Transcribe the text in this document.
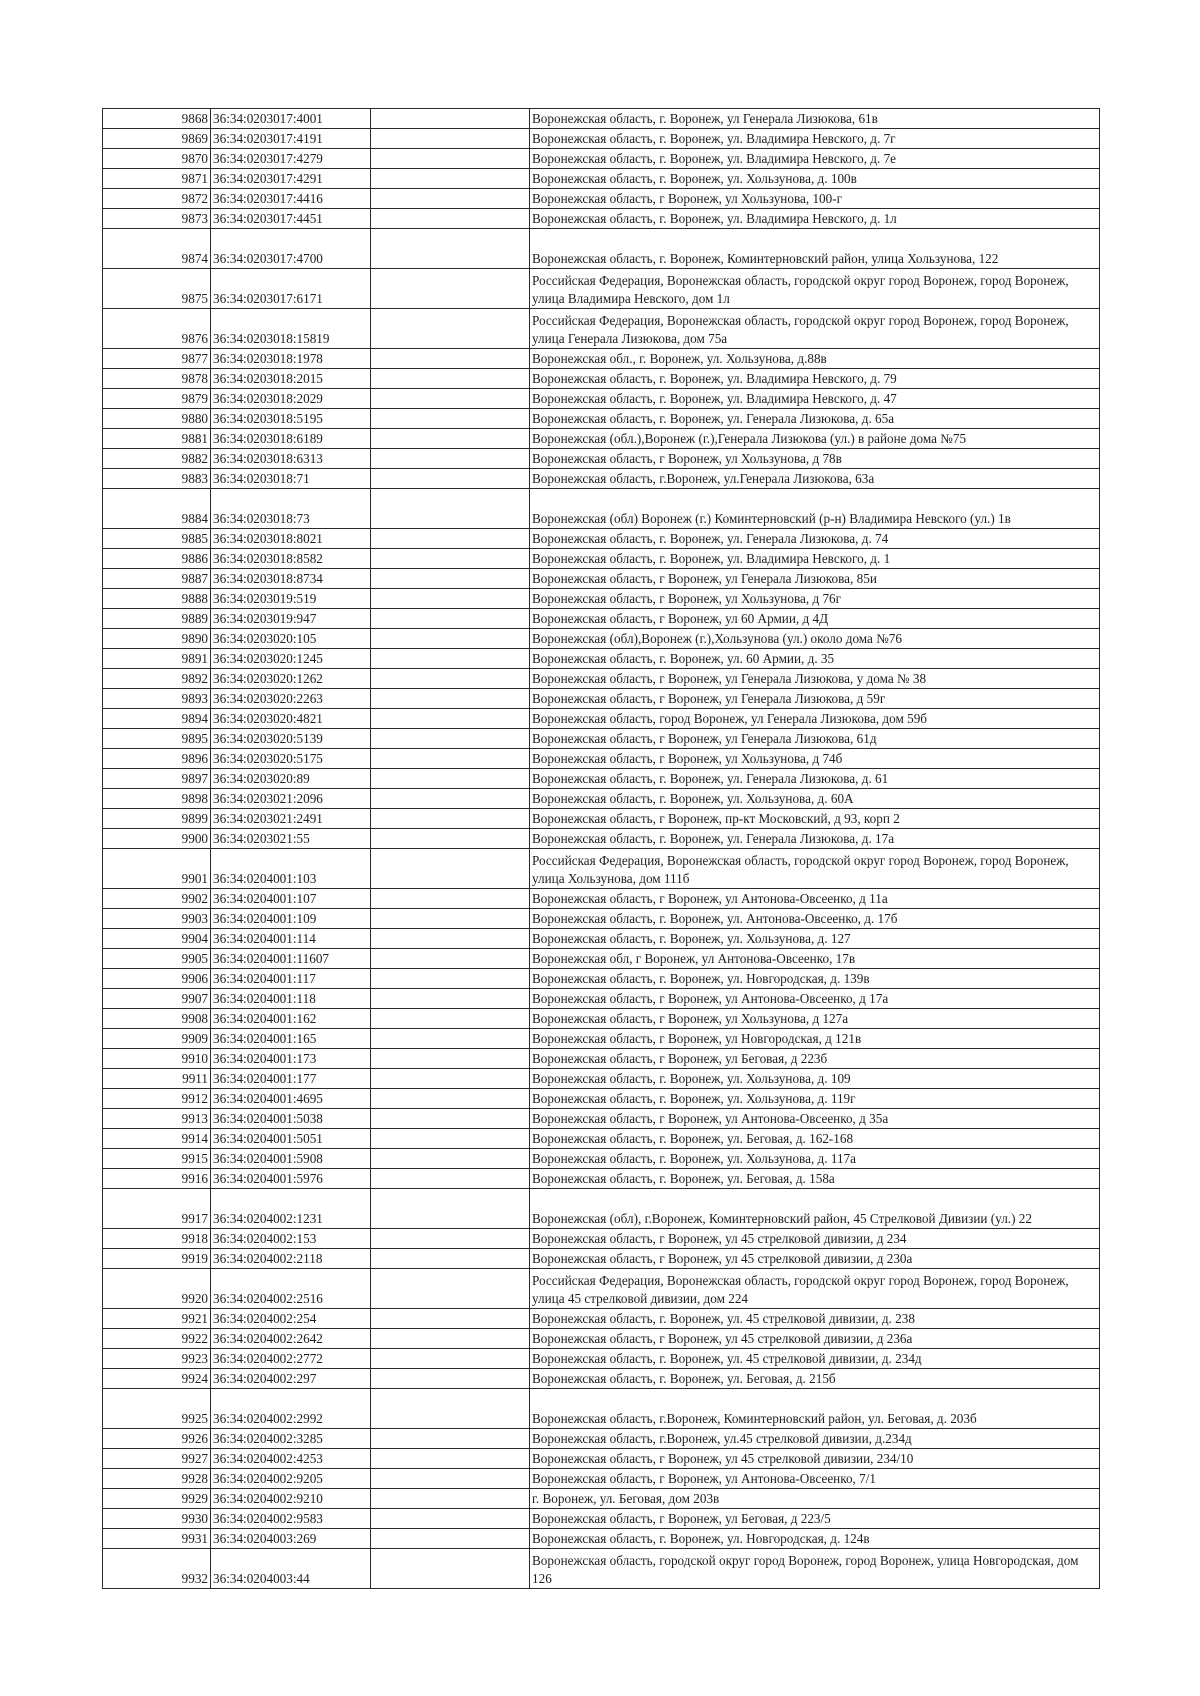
9868	36:34:0203017:4001		Воронежская область, г. Воронеж, ул Генерала Лизюкова, 61в
9869	36:34:0203017:4191		Воронежская область, г. Воронеж, ул. Владимира Невского, д. 7г
9870	36:34:0203017:4279		Воронежская область, г. Воронеж, ул. Владимира Невского, д. 7е
9871	36:34:0203017:4291		Воронежская область, г. Воронеж, ул. Хользунова, д. 100в
9872	36:34:0203017:4416		Воронежская область, г Воронеж, ул Хользунова, 100-г
9873	36:34:0203017:4451		Воронежская область, г. Воронеж, ул. Владимира Невского, д. 1л
9874	36:34:0203017:4700		Воронежская область, г. Воронеж, Коминтерновский район, улица Хользунова, 122
9875	36:34:0203017:6171		Российская Федерация, Воронежская область, городской округ город Воронеж, город Воронеж, улица Владимира Невского, дом 1л
9876	36:34:0203018:15819		Российская Федерация, Воронежская область, городской округ город Воронеж, город Воронеж, улица Генерала Лизюкова, дом 75а
9877	36:34:0203018:1978		Воронежская обл., г. Воронеж, ул. Хользунова, д.88в
9878	36:34:0203018:2015		Воронежская область, г. Воронеж, ул. Владимира Невского, д. 79
9879	36:34:0203018:2029		Воронежская область, г. Воронеж, ул. Владимира Невского, д. 47
9880	36:34:0203018:5195		Воронежская область, г. Воронеж, ул. Генерала Лизюкова, д. 65а
9881	36:34:0203018:6189		Воронежская (обл.),Воронеж (г.),Генерала Лизюкова (ул.) в районе дома №75
9882	36:34:0203018:6313		Воронежская область, г Воронеж, ул Хользунова, д 78в
9883	36:34:0203018:71		Воронежская область, г.Воронеж, ул.Генерала Лизюкова, 63а
9884	36:34:0203018:73		Воронежская (обл) Воронеж (г.) Коминтерновский (р-н) Владимира Невского (ул.) 1в
9885	36:34:0203018:8021		Воронежская область, г. Воронеж, ул. Генерала Лизюкова, д. 74
9886	36:34:0203018:8582		Воронежская область, г. Воронеж, ул. Владимира Невского, д. 1
9887	36:34:0203018:8734		Воронежская область, г Воронеж, ул Генерала Лизюкова, 85и
9888	36:34:0203019:519		Воронежская область, г Воронеж, ул Хользунова, д 76г
9889	36:34:0203019:947		Воронежская область, г Воронеж, ул 60 Армии, д 4Д
9890	36:34:0203020:105		Воронежская (обл),Воронеж (г.),Хользунова (ул.) около дома №76
9891	36:34:0203020:1245		Воронежская область, г. Воронеж, ул. 60 Армии, д. 35
9892	36:34:0203020:1262		Воронежская область, г Воронеж, ул Генерала Лизюкова, у дома № 38
9893	36:34:0203020:2263		Воронежская область, г Воронеж, ул Генерала Лизюкова, д 59г
9894	36:34:0203020:4821		Воронежская область, город Воронеж, ул Генерала Лизюкова, дом 59б
9895	36:34:0203020:5139		Воронежская область, г Воронеж, ул Генерала Лизюкова, 61д
9896	36:34:0203020:5175		Воронежская область, г Воронеж, ул Хользунова, д 74б
9897	36:34:0203020:89		Воронежская область, г. Воронеж, ул. Генерала Лизюкова, д. 61
9898	36:34:0203021:2096		Воронежская область, г. Воронеж, ул. Хользунова, д. 60А
9899	36:34:0203021:2491		Воронежская область, г Воронеж, пр-кт Московский, д 93, корп 2
9900	36:34:0203021:55		Воронежская область, г. Воронеж, ул. Генерала Лизюкова, д. 17а
9901	36:34:0204001:103		Российская Федерация, Воронежская область, городской округ город Воронеж, город Воронеж, улица Хользунова, дом 111б
9902	36:34:0204001:107		Воронежская область, г Воронеж, ул Антонова-Овсеенко, д 11а
9903	36:34:0204001:109		Воронежская область, г. Воронеж, ул. Антонова-Овсеенко, д. 17б
9904	36:34:0204001:114		Воронежская область, г. Воронеж, ул. Хользунова, д. 127
9905	36:34:0204001:11607		Воронежская обл, г Воронеж, ул Антонова-Овсеенко, 17в
9906	36:34:0204001:117		Воронежская область, г. Воронеж, ул. Новгородская, д. 139в
9907	36:34:0204001:118		Воронежская область, г Воронеж, ул Антонова-Овсеенко, д 17а
9908	36:34:0204001:162		Воронежская область, г Воронеж, ул Хользунова, д 127а
9909	36:34:0204001:165		Воронежская область, г Воронеж, ул Новгородская, д 121в
9910	36:34:0204001:173		Воронежская область, г Воронеж, ул Беговая, д 223б
9911	36:34:0204001:177		Воронежская область, г. Воронеж, ул. Хользунова, д. 109
9912	36:34:0204001:4695		Воронежская область, г. Воронеж, ул. Хользунова, д. 119г
9913	36:34:0204001:5038		Воронежская область, г Воронеж, ул Антонова-Овсеенко, д 35а
9914	36:34:0204001:5051		Воронежская область, г. Воронеж, ул. Беговая, д. 162-168
9915	36:34:0204001:5908		Воронежская область, г. Воронеж, ул. Хользунова, д. 117а
9916	36:34:0204001:5976		Воронежская область, г. Воронеж, ул. Беговая, д. 158а
9917	36:34:0204002:1231		Воронежская (обл), г.Воронеж, Коминтерновский район, 45 Стрелковой Дивизии (ул.) 22
9918	36:34:0204002:153		Воронежская область, г Воронеж, ул 45 стрелковой дивизии, д 234
9919	36:34:0204002:2118		Воронежская область, г Воронеж, ул 45 стрелковой дивизии, д 230а
9920	36:34:0204002:2516		Российская Федерация, Воронежская область, городской округ город Воронеж, город Воронеж, улица 45 стрелковой дивизии, дом 224
9921	36:34:0204002:254		Воронежская область, г. Воронеж, ул. 45 стрелковой дивизии, д. 238
9922	36:34:0204002:2642		Воронежская область, г Воронеж, ул 45 стрелковой дивизии, д 236а
9923	36:34:0204002:2772		Воронежская область, г. Воронеж, ул. 45 стрелковой дивизии, д. 234д
9924	36:34:0204002:297		Воронежская область, г. Воронеж, ул. Беговая, д. 215б
9925	36:34:0204002:2992		Воронежская область, г.Воронеж, Коминтерновский район, ул. Беговая, д. 203б
9926	36:34:0204002:3285		Воронежская область, г.Воронеж, ул.45 стрелковой дивизии, д.234д
9927	36:34:0204002:4253		Воронежская область, г Воронеж, ул 45 стрелковой дивизии, 234/10
9928	36:34:0204002:9205		Воронежская область, г Воронеж, ул Антонова-Овсеенко, 7/1
9929	36:34:0204002:9210		г. Воронеж, ул. Беговая, дом 203в
9930	36:34:0204002:9583		Воронежская область, г Воронеж, ул Беговая, д 223/5
9931	36:34:0204003:269		Воронежская область, г. Воронеж, ул. Новгородская, д. 124в
9932	36:34:0204003:44		Воронежская область, городской округ город Воронеж, город Воронеж, улица Новгородская, дом 126
